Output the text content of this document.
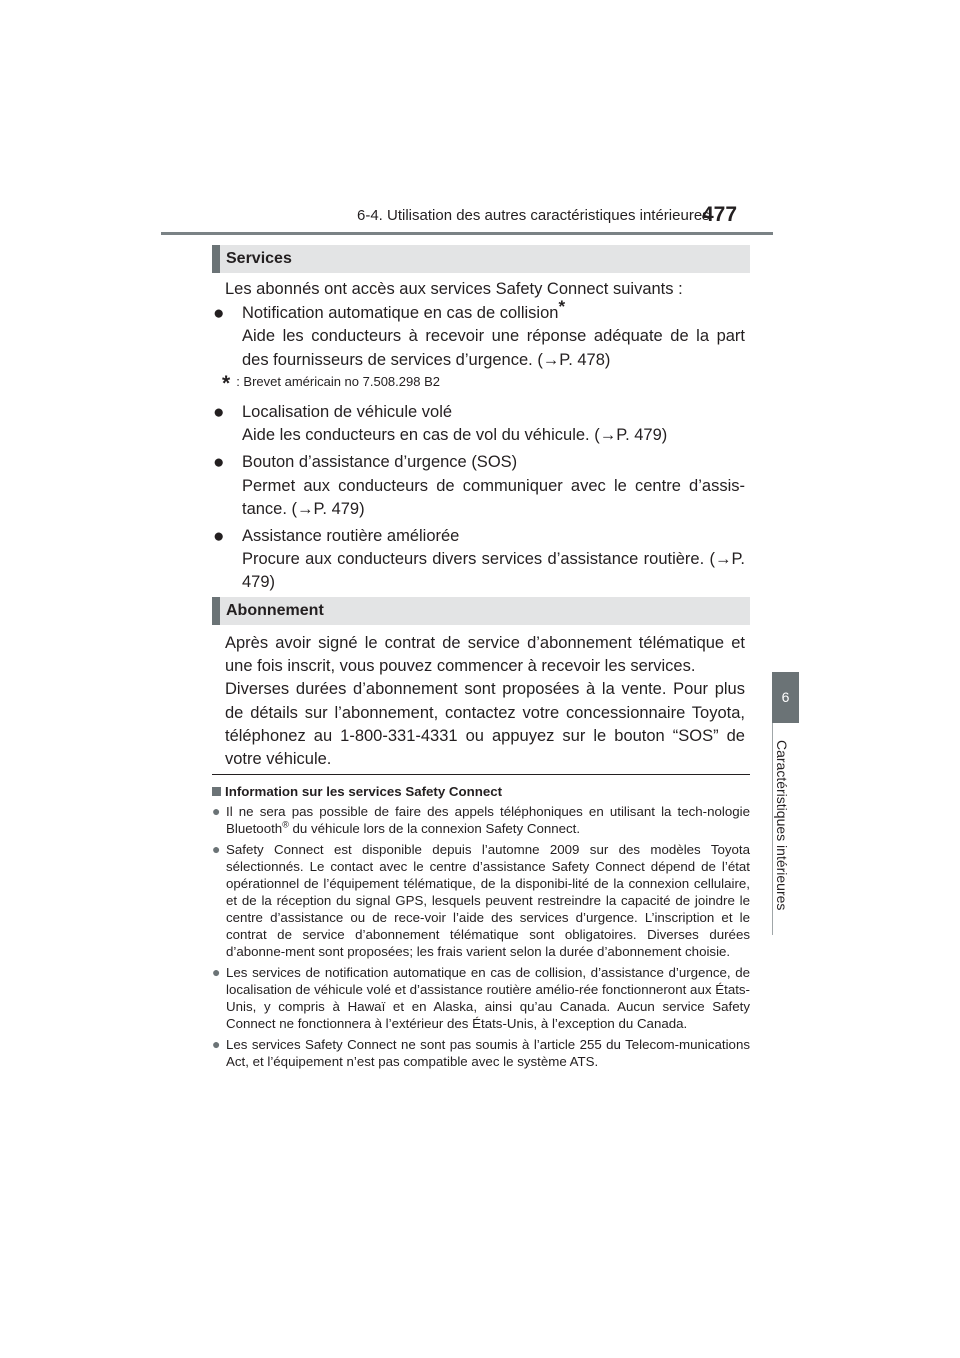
6-4. Utilisation des autres caractéristiques intérieures
477
6
Caractéristiques intérieures
Services

Les abonnés ont accès aux services Safety Connect suivants :

● Notification automatique en cas de collision*

Aide les conducteurs à recevoir une réponse adéquate de la part des fournisseurs de services d’urgence. (→P. 478)

* : Brevet américain no 7.508.298 B2
● Localisation de véhicule volé

Aide les conducteurs en cas de vol du véhicule. (→P. 479)

● Bouton d’assistance d’urgence (SOS)

Permet aux conducteurs de communiquer avec le centre d’assis-tance. (→P. 479)

● Assistance routière améliorée

Procure aux conducteurs divers services d’assistance routière. (→P. 479)

Abonnement

Après avoir signé le contrat de service d’abonnement télématique et une fois inscrit, vous pouvez commencer à recevoir les services.

Diverses durées d’abonnement sont proposées à la vente. Pour plus de détails sur l’abonnement, contactez votre concessionnaire Toyota, téléphonez au 1-800-331-4331 ou appuyez sur le bouton “SOS” de votre véhicule.

Information sur les services Safety Connect

● Il ne sera pas possible de faire des appels téléphoniques en utilisant la tech-nologie Bluetooth® du véhicule lors de la connexion Safety Connect.
● Safety Connect est disponible depuis l’automne 2009 sur des modèles Toyota sélectionnés. Le contact avec le centre d’assistance Safety Connect dépend de l’état opérationnel de l’équipement télématique, de la disponibi-lité de la connexion cellulaire, et de la réception du signal GPS, lesquels peuvent restreindre la capacité de joindre le centre d’assistance ou de rece-voir l’aide des services d’urgence. L’inscription et le contrat de service d’abonnement télématique sont obligatoires. Diverses durées d’abonne-ment sont proposées; les frais varient selon la durée d’abonnement choisie.
● Les services de notification automatique en cas de collision, d’assistance d’urgence, de localisation de véhicule volé et d’assistance routière amélio-rée fonctionneront aux États-Unis, y compris à Hawaï et en Alaska, ainsi qu’au Canada. Aucun service Safety Connect ne fonctionnera à l’extérieur des États-Unis, à l’exception du Canada.
● Les services Safety Connect ne sont pas soumis à l’article 255 du Telecom-munications Act, et l’équipement n’est pas compatible avec le système ATS.
